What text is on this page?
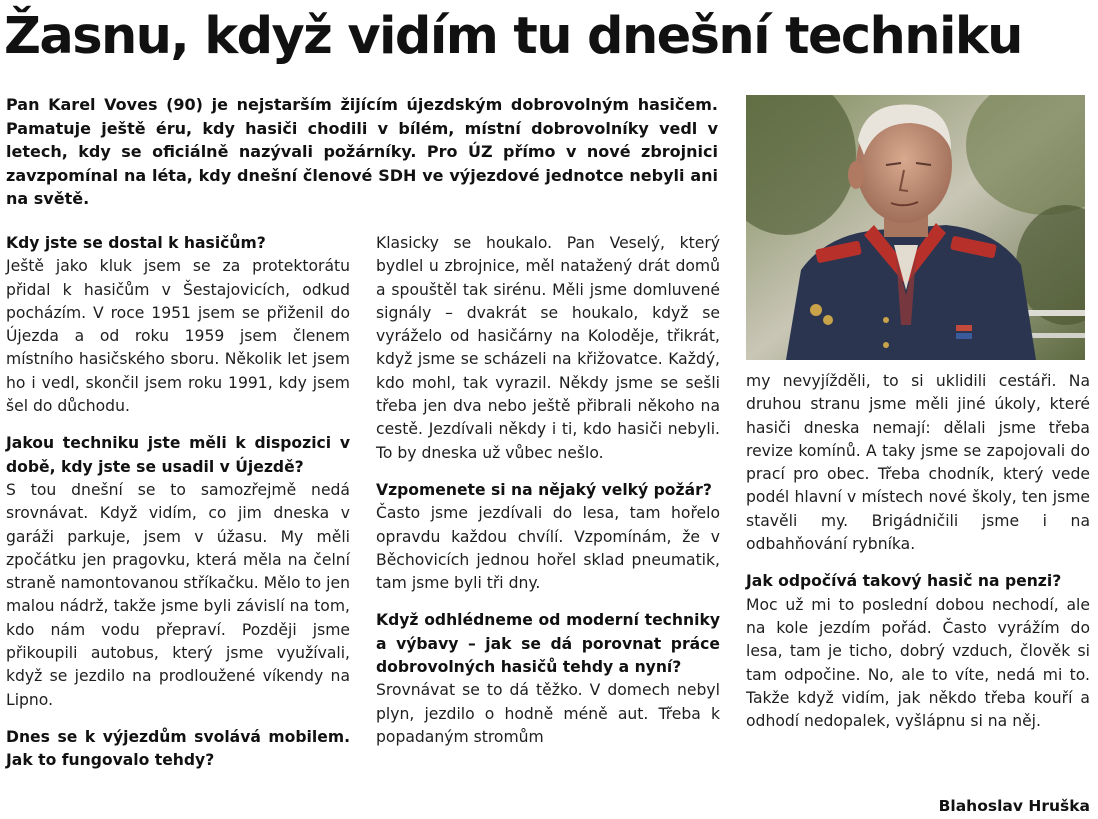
Žasnu, když vidím tu dnešní techniku
Pan Karel Voves (90) je nejstarším žijícím újezdským dobrovolným hasičem. Pamatuje ještě éru, kdy hasiči chodili v bílém, místní dobrovolníky vedl v letech, kdy se oficiálně nazývali požárníky. Pro ÚZ přímo v nové zbrojnici zavzpomínal na léta, kdy dnešní členové SDH ve výjezdové jednotce nebyli ani na světě.

Kdy jste se dostal k hasičům?

Ještě jako kluk jsem se za protektorátu přidal k hasičům v Šestajovicích, odkud pocházím. V roce 1951 jsem se přiženil do Újezda a od roku 1959 jsem členem místního hasičského sboru. Několik let jsem ho i vedl, skončil jsem roku 1991, kdy jsem šel do důchodu.

Jakou techniku jste měli k dispozici v době, kdy jste se usadil v Újezdě?

S tou dnešní se to samozřejmě nedá srovnávat. Když vidím, co jim dneska v garáži parkuje, jsem v úžasu. My měli zpočátku jen pragovku, která měla na čelní straně namontovanou stříkačku. Mělo to jen malou nádrž, takže jsme byli závislí na tom, kdo nám vodu přepraví. Později jsme přikoupili autobus, který jsme využívali, když se jezdilo na prodloužené víkendy na Lipno.

Dnes se k výjezdům svolává mobilem. Jak to fungovalo tehdy?

Klasicky se houkalo. Pan Veselý, který bydlel u zbrojnice, měl natažený drát domů a spouštěl tak sirénu. Měli jsme domluvené signály – dvakrát se houkalo, když se vyráželo od hasičárny na Koloděje, třikrát, když jsme se scházeli na křižovatce. Každý, kdo mohl, tak vyrazil. Někdy jsme se sešli třeba jen dva nebo ještě přibrali někoho na cestě. Jezdívali někdy i ti, kdo hasiči nebyli. To by dneska už vůbec nešlo.

Vzpomenete si na nějaký velký požár?

Často jsme jezdívali do lesa, tam hořelo opravdu každou chvílí. Vzpomínám, že v Běchovicích jednou hořel sklad pneumatik, tam jsme byli tři dny.

Když odhlédneme od moderní techniky a výbavy – jak se dá porovnat práce dobrovolných hasičů tehdy a nyní?

Srovnávat se to dá těžko. V domech nebyl plyn, jezdilo o hodně méně aut. Třeba k popadaným stromům

my nevyjížděli, to si uklidili cestáři. Na druhou stranu jsme měli jiné úkoly, které hasiči dneska nemají: dělali jsme třeba revize komínů. A taky jsme se zapojovali do prací pro obec. Třeba chodník, který vede podél hlavní v místech nové školy, ten jsme stavěli my. Brigádničili jsme i na odbahňování rybníka.

Jak odpočívá takový hasič na penzi?

Moc už mi to poslední dobou nechodí, ale na kole jezdím pořád. Často vyrážím do lesa, tam je ticho, dobrý vzduch, člověk si tam odpočine. No, ale to víte, nedá mi to. Takže když vidím, jak někdo třeba kouří a odhodí nedopalek, vyšlápnu si na něj.

Blahoslav Hruška
